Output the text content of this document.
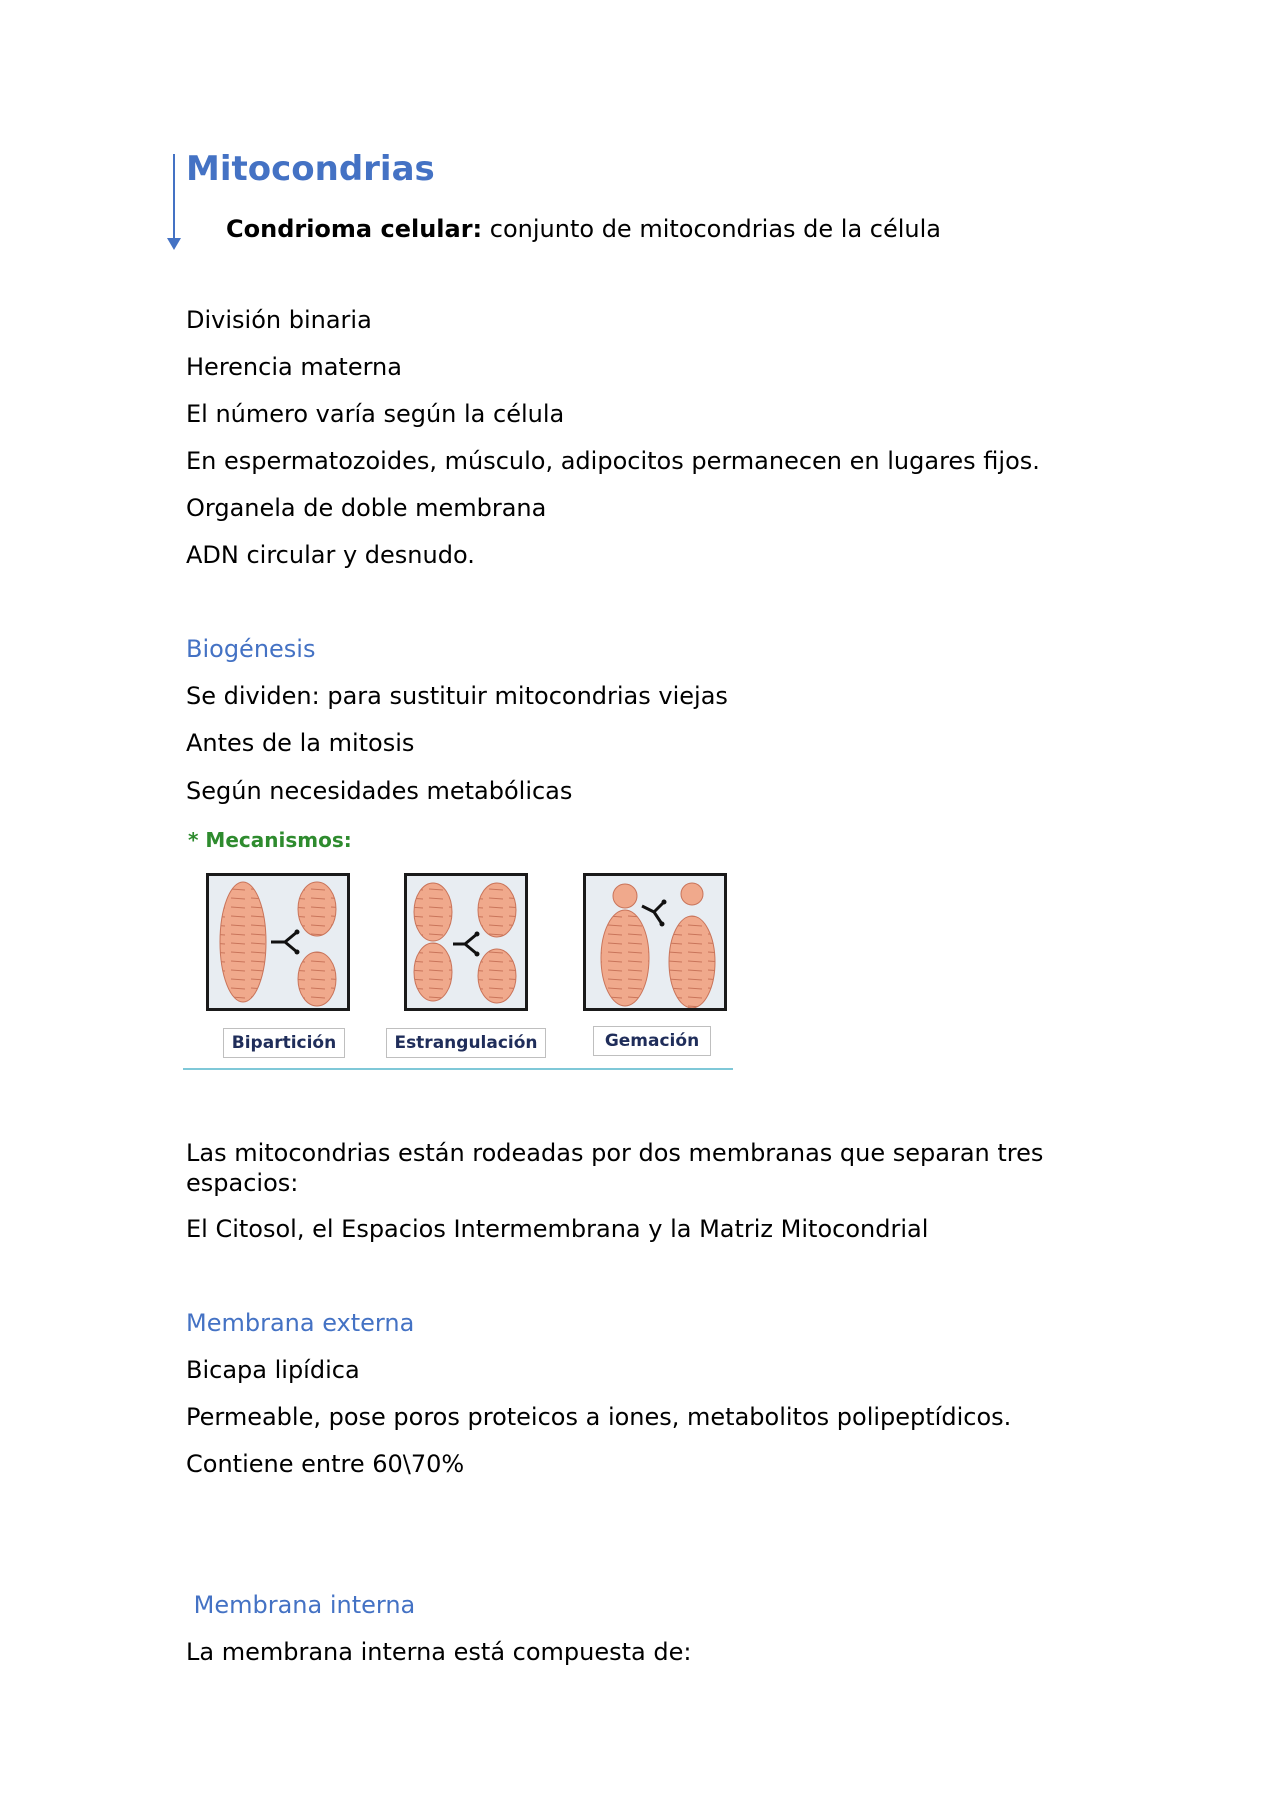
Mitocondrias
Condrioma celular: conjunto de mitocondrias de la célula
División binaria
Herencia materna
El número varía según la célula
En espermatozoides, músculo, adipocitos permanecen en lugares fijos.
Organela de doble membrana
ADN circular y desnudo.
Biogénesis
Se dividen: para sustituir mitocondrias viejas
Antes de la mitosis
Según necesidades metabólicas
* Mecanismos:
Bipartición	Estrangulación	Gemación
Las mitocondrias están rodeadas por dos membranas que separan tres espacios:
El Citosol, el Espacios Intermembrana y la Matriz Mitocondrial
Membrana externa
Bicapa lipídica
Permeable, pose poros proteicos a iones, metabolitos polipeptídicos.
Contiene entre 60\70%
Membrana interna
La membrana interna está compuesta de:
